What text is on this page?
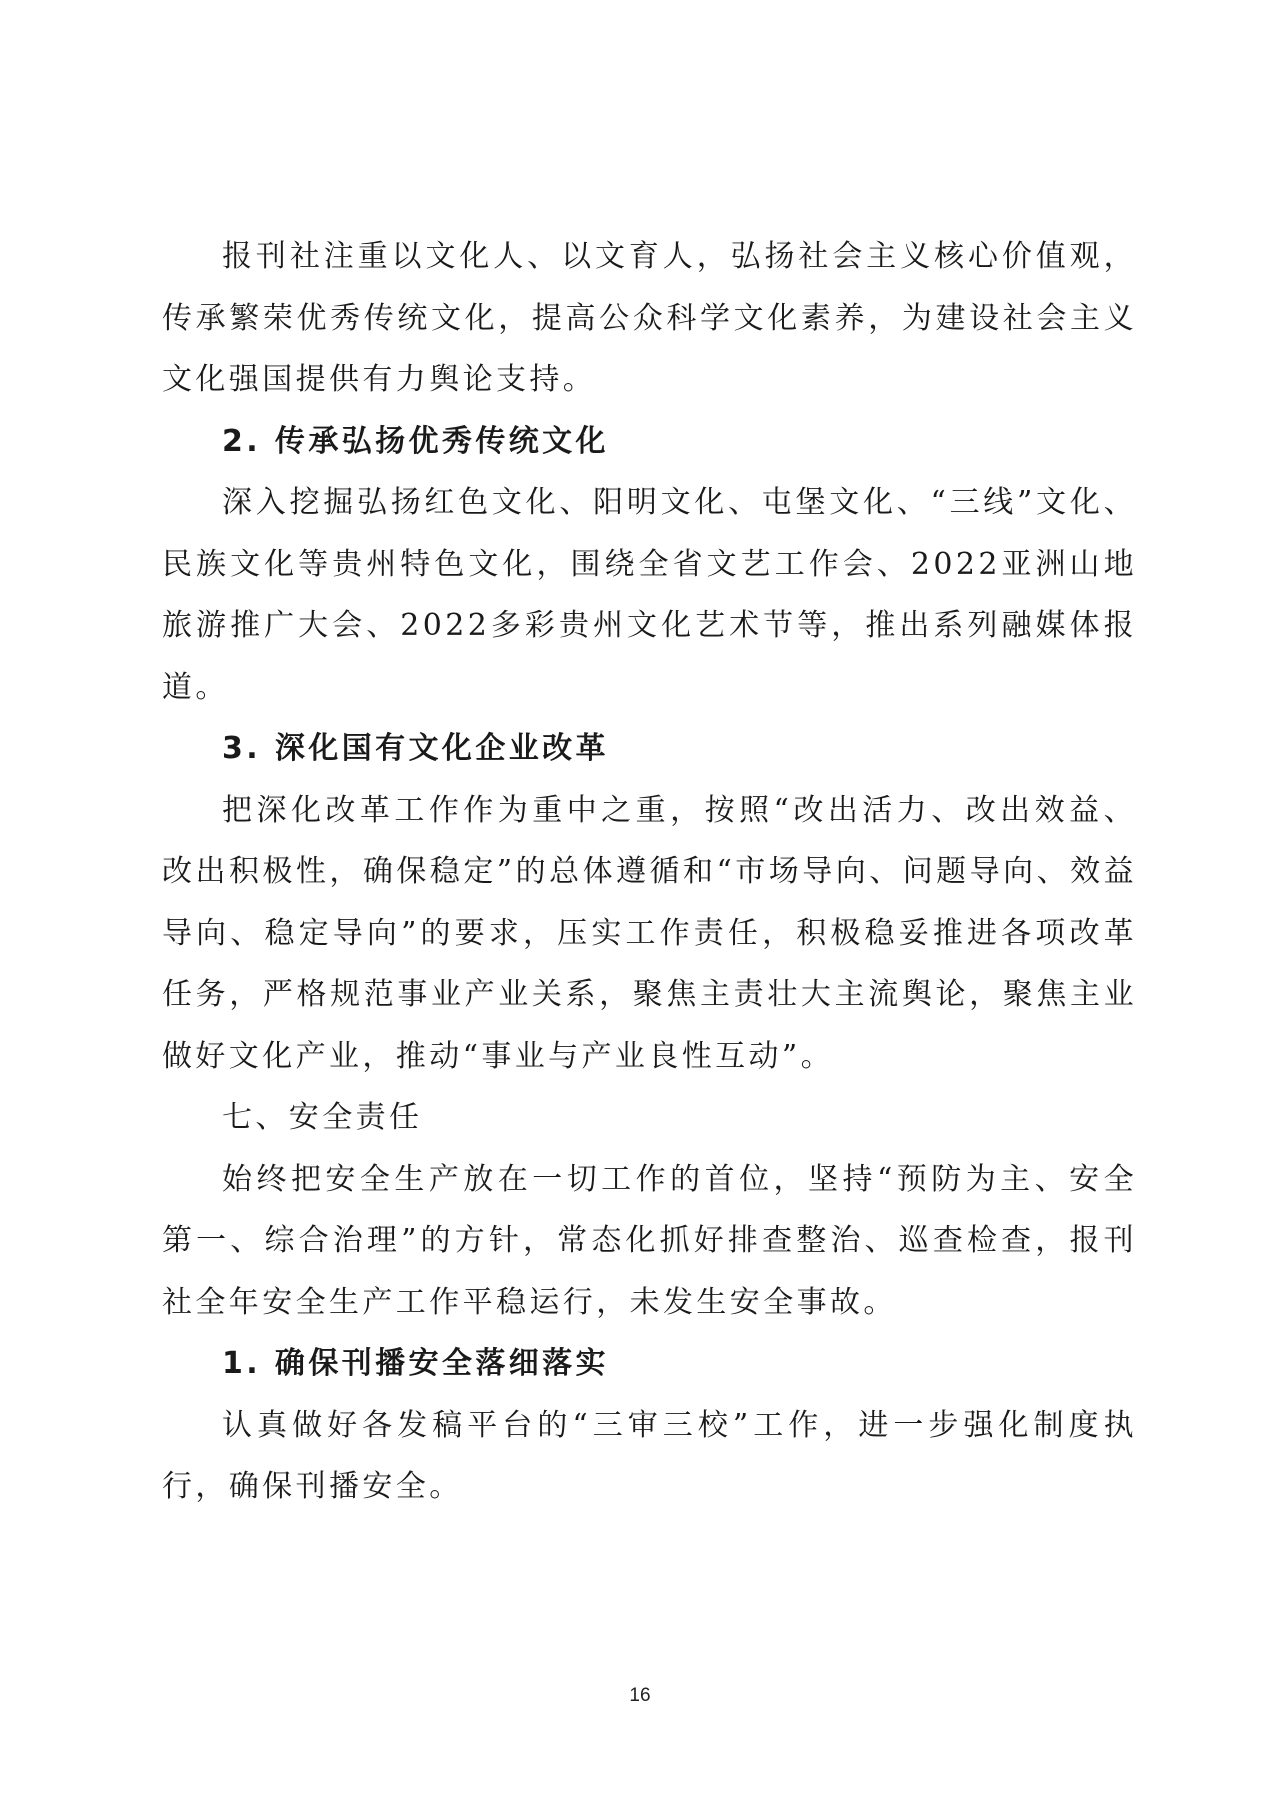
报刊社注重以文化人、以文育人，弘扬社会主义核心价值观，传承繁荣优秀传统文化，提高公众科学文化素养，为建设社会主义文化强国提供有力舆论支持。

2. 传承弘扬优秀传统文化

深入挖掘弘扬红色文化、阳明文化、屯堡文化、“三线”文化、民族文化等贵州特色文化，围绕全省文艺工作会、2022亚洲山地旅游推广大会、2022多彩贵州文化艺术节等，推出系列融媒体报道。

3. 深化国有文化企业改革

把深化改革工作作为重中之重，按照“改出活力、改出效益、改出积极性，确保稳定”的总体遵循和“市场导向、问题导向、效益导向、稳定导向”的要求，压实工作责任，积极稳妥推进各项改革任务，严格规范事业产业关系，聚焦主责壮大主流舆论，聚焦主业做好文化产业，推动“事业与产业良性互动”。

七、安全责任

始终把安全生产放在一切工作的首位，坚持“预防为主、安全第一、综合治理”的方针，常态化抓好排查整治、巡查检查，报刊社全年安全生产工作平稳运行，未发生安全事故。

1. 确保刊播安全落细落实

认真做好各发稿平台的“三审三校”工作，进一步强化制度执行，确保刊播安全。

16
